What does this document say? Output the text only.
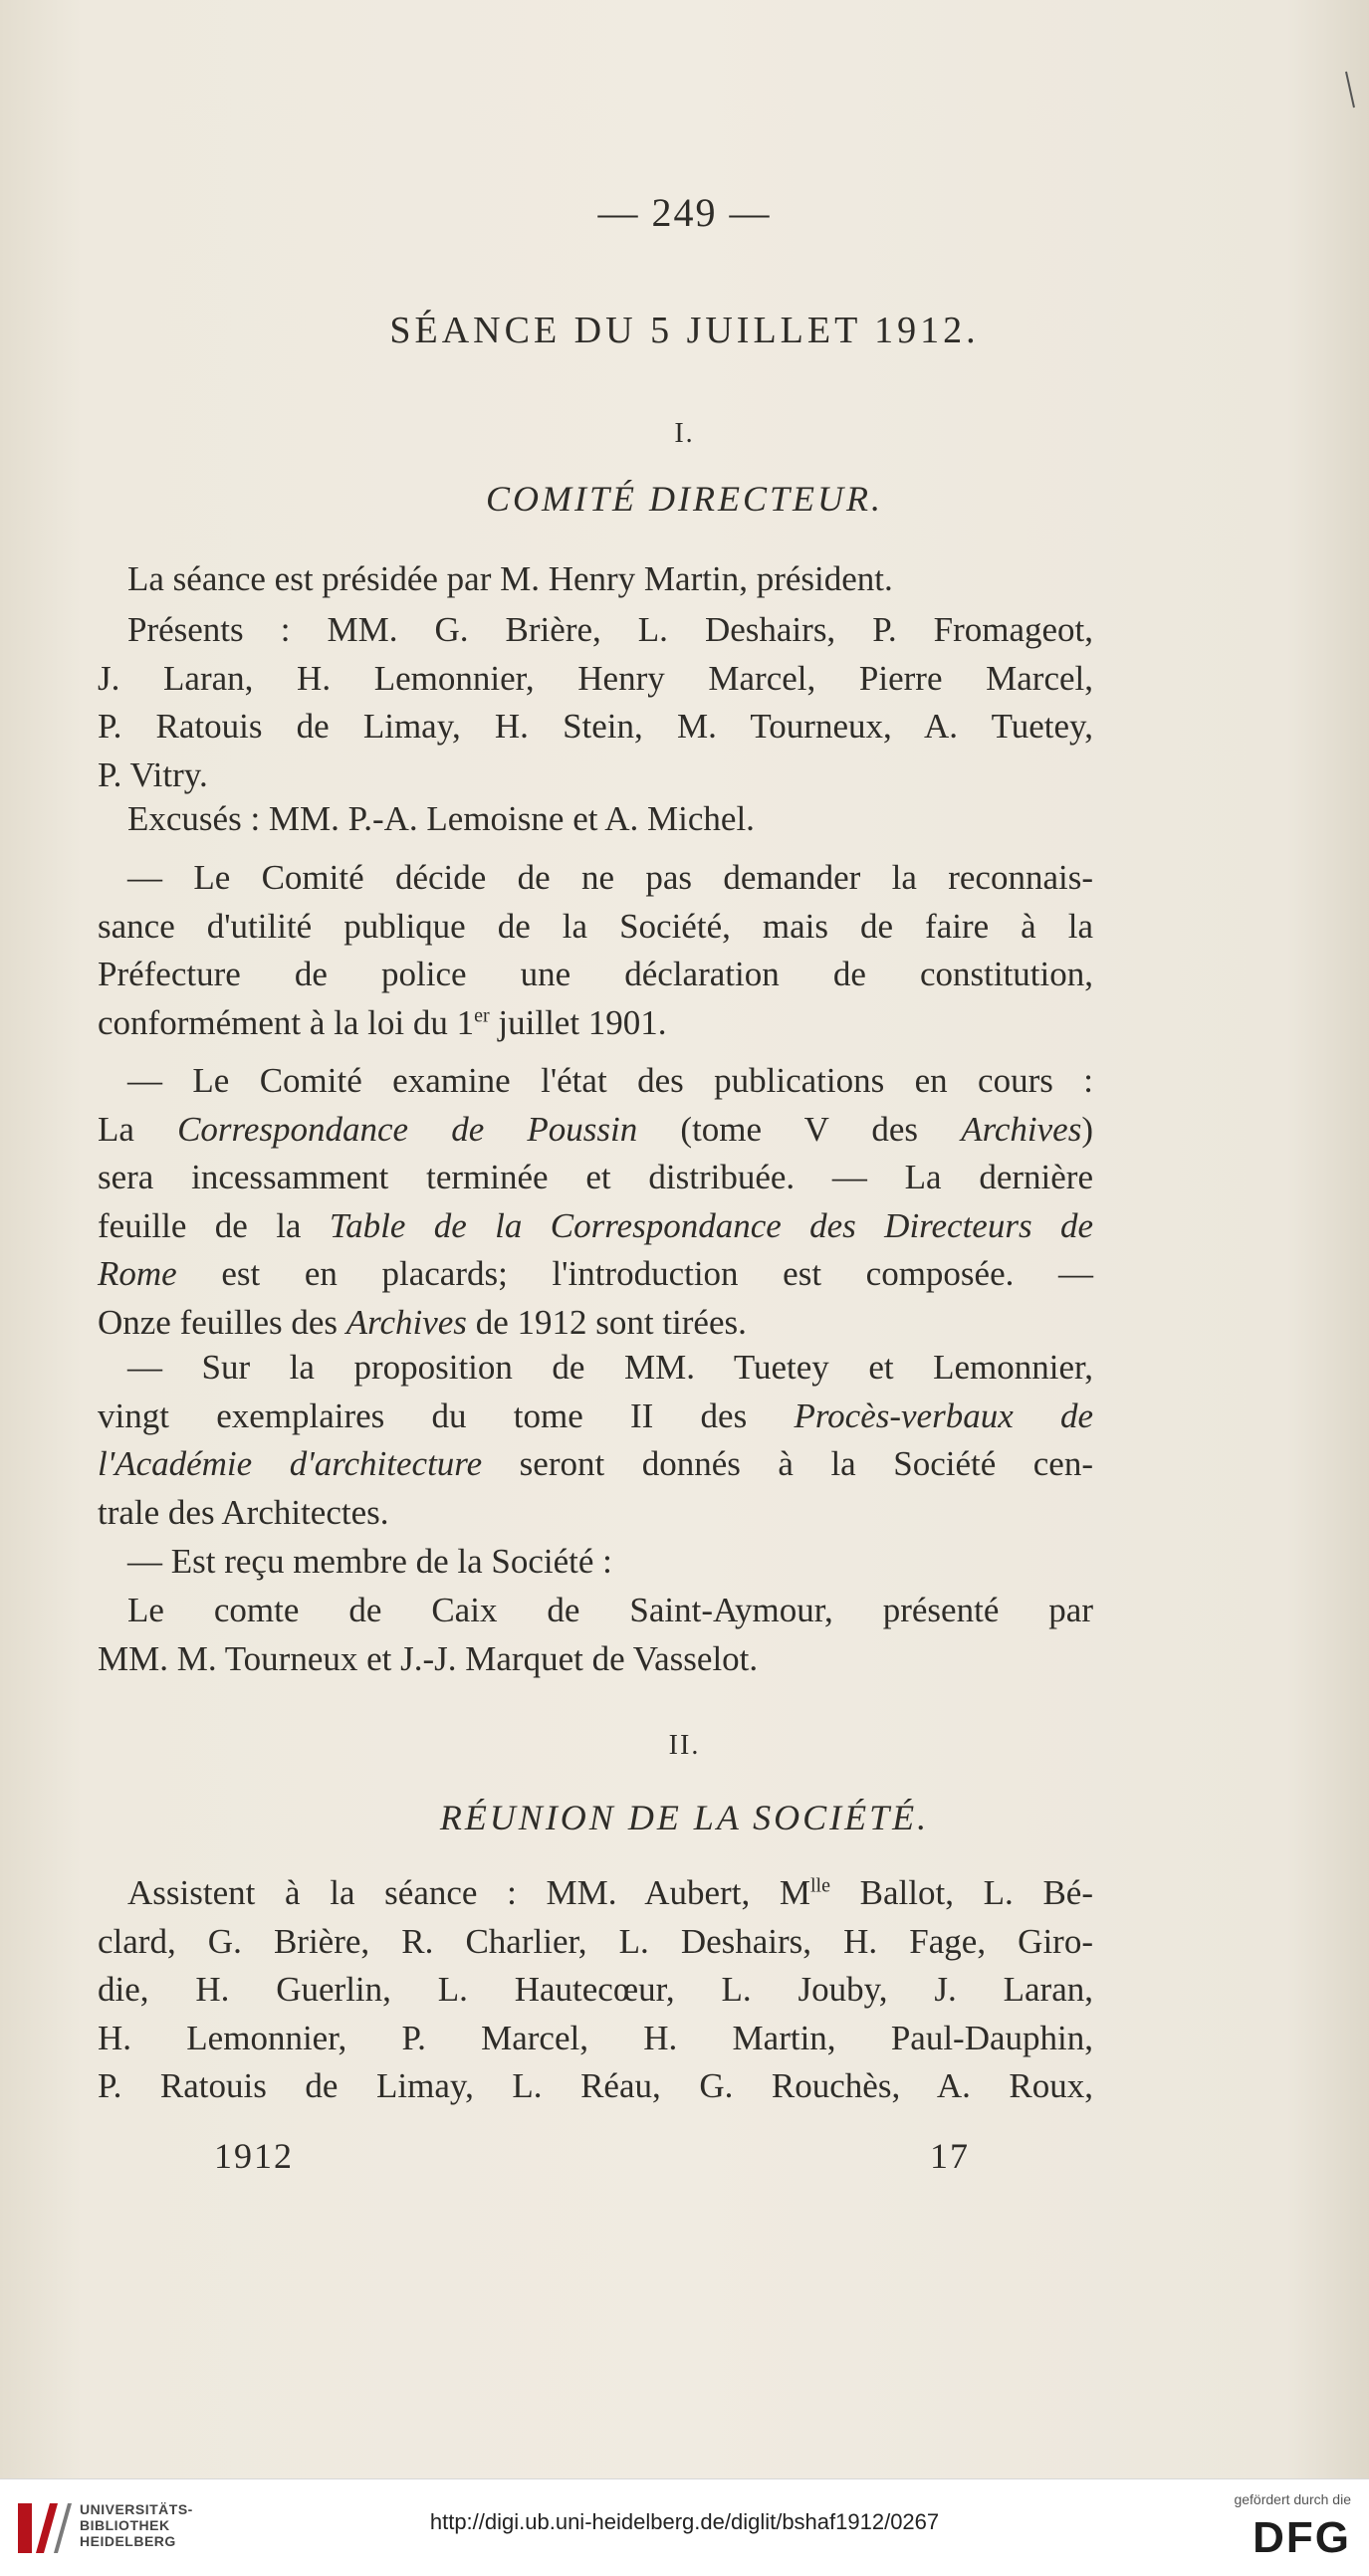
— 249 —
SÉANCE DU 5 JUILLET 1912.
I.
COMITÉ DIRECTEUR.
La séance est présidée par M. Henry Martin, président.
Présents : MM. G. Brière, L. Deshairs, P. Fromageot,
J. Laran, H. Lemonnier, Henry Marcel, Pierre Marcel,
P. Ratouis de Limay, H. Stein, M. Tourneux, A. Tuetey,
P. Vitry.
Excusés : MM. P.-A. Lemoisne et A. Michel.
— Le Comité décide de ne pas demander la reconnais-
sance d'utilité publique de la Société, mais de faire à la
Préfecture de police une déclaration de constitution,
conformément à la loi du 1er juillet 1901.
— Le Comité examine l'état des publications en cours :
La Correspondance de Poussin (tome V des Archives)
sera incessamment terminée et distribuée. — La dernière
feuille de la Table de la Correspondance des Directeurs de
Rome est en placards; l'introduction est composée. —
Onze feuilles des Archives de 1912 sont tirées.
— Sur la proposition de MM. Tuetey et Lemonnier,
vingt exemplaires du tome II des Procès-verbaux de
l'Académie d'architecture seront donnés à la Société cen-
trale des Architectes.
— Est reçu membre de la Société :
Le comte de Caix de Saint-Aymour, présenté par
MM. M. Tourneux et J.-J. Marquet de Vasselot.
II.
RÉUNION DE LA SOCIÉTÉ.
Assistent à la séance : MM. Aubert, $M^{lle}$ Ballot, L. Bé-
clard, G. Brière, R. Charlier, L. Deshairs, H. Fage, Giro-
die, H. Guerlin, L. Hautecœur, L. Jouby, J. Laran,
H. Lemonnier, P. Marcel, H. Martin, Paul-Dauphin,
P. Ratouis de Limay, L. Réau, G. Rouchès, A. Roux,
1912	17
UNIVERSITÄTS-
BIBLIOTHEK
HEIDELBERG
http://digi.ub.uni-heidelberg.de/diglit/bshaf1912/0267
gefördert durch die
DFG
